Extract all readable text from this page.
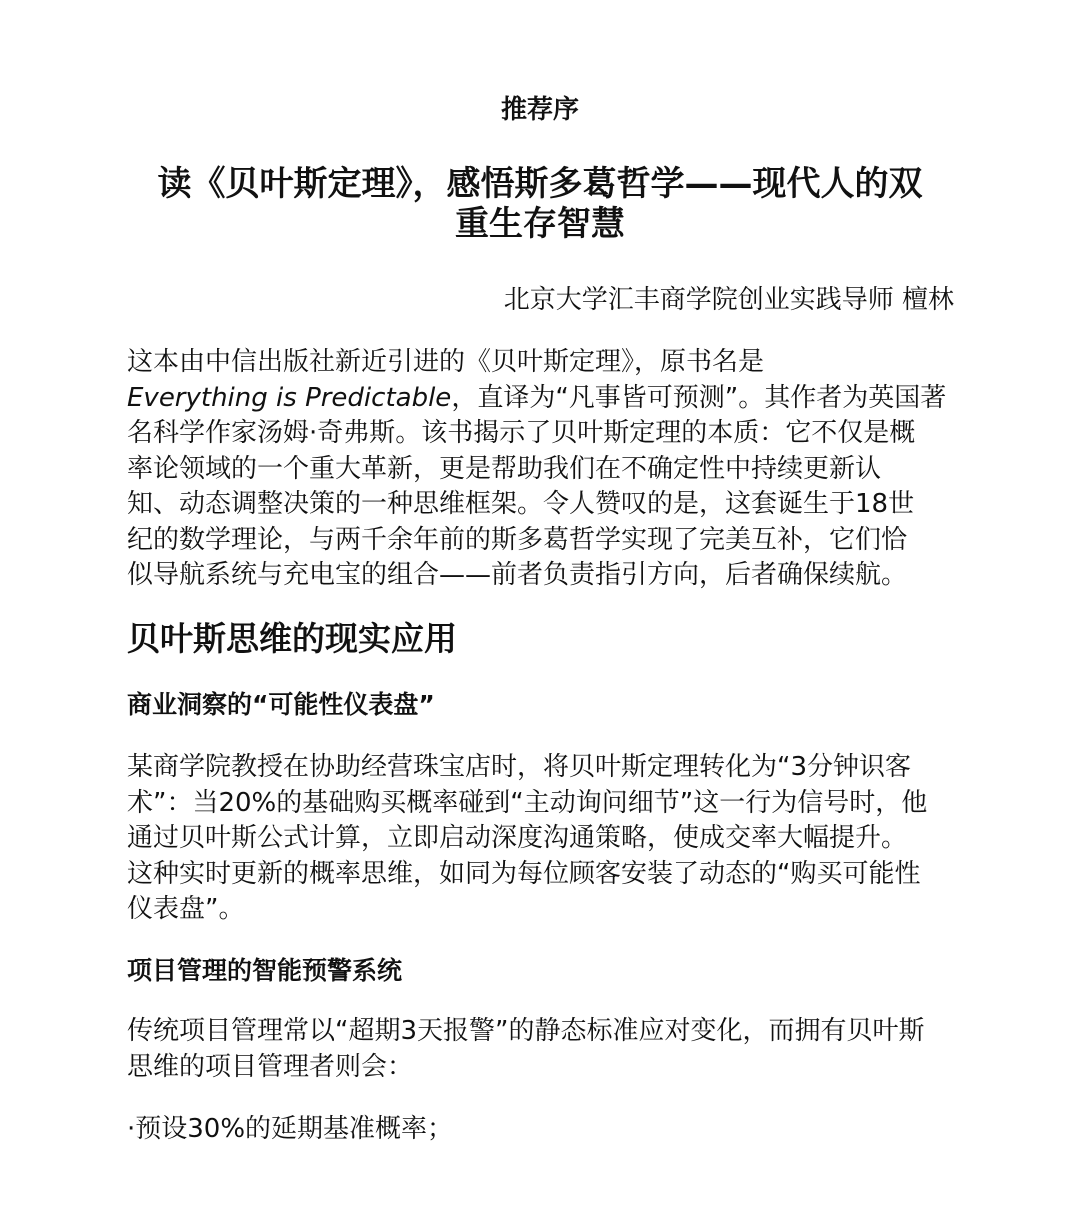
推荐序
读《贝叶斯定理》，感悟斯多葛哲学——现代人的双
重生存智慧
北京大学汇丰商学院创业实践导师 檀林

这本由中信出版社新近引进的《贝叶斯定理》，原书名是
Everything is Predictable，直译为“凡事皆可预测”。其作者为英国著
名科学作家汤姆·奇弗斯。该书揭示了贝叶斯定理的本质：它不仅是概
率论领域的一个重大革新，更是帮助我们在不确定性中持续更新认
知、动态调整决策的一种思维框架。令人赞叹的是，这套诞生于18世
纪的数学理论，与两千余年前的斯多葛哲学实现了完美互补，它们恰
似导航系统与充电宝的组合——前者负责指引方向，后者确保续航。

贝叶斯思维的现实应用
商业洞察的“可能性仪表盘”

某商学院教授在协助经营珠宝店时，将贝叶斯定理转化为“3分钟识客
术”：当20%的基础购买概率碰到“主动询问细节”这一行为信号时，他
通过贝叶斯公式计算，立即启动深度沟通策略，使成交率大幅提升。
这种实时更新的概率思维，如同为每位顾客安装了动态的“购买可能性
仪表盘”。

项目管理的智能预警系统

传统项目管理常以“超期3天报警”的静态标准应对变化，而拥有贝叶斯
思维的项目管理者则会：

·预设30%的延期基准概率；
